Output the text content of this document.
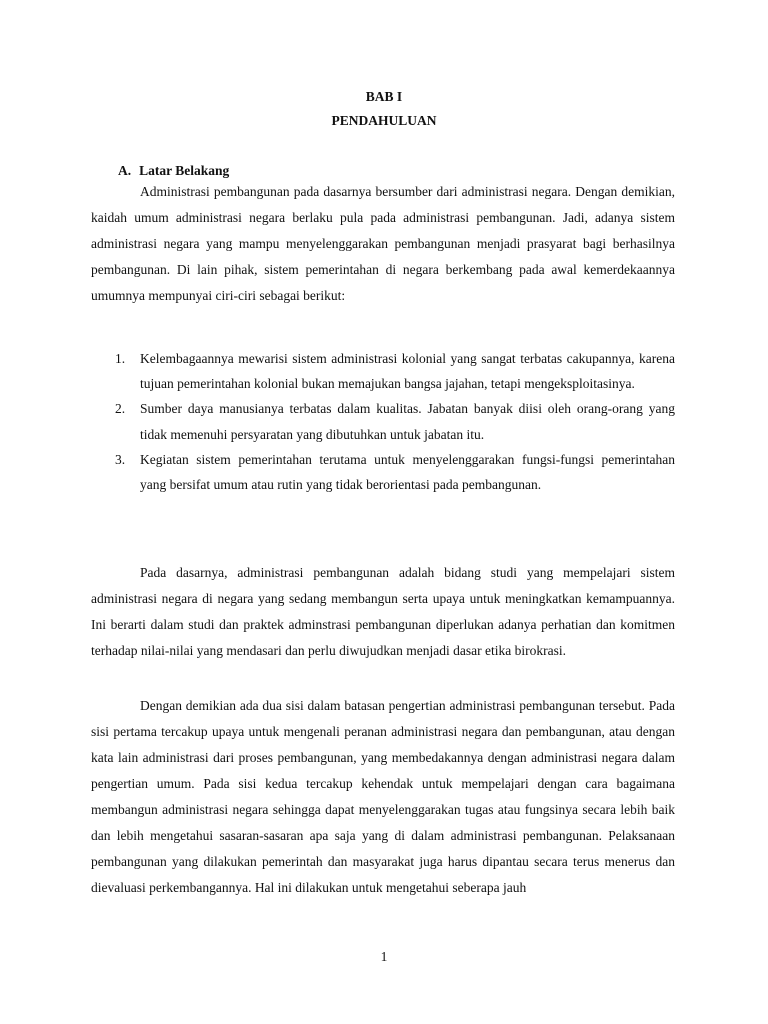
BAB I
PENDAHULUAN
A. Latar Belakang

Administrasi pembangunan pada dasarnya bersumber dari administrasi negara. Dengan demikian, kaidah umum administrasi negara berlaku pula pada administrasi pembangunan. Jadi, adanya sistem administrasi negara yang mampu menyelenggarakan pembangunan menjadi prasyarat bagi berhasilnya pembangunan. Di lain pihak, sistem pemerintahan di negara berkembang pada awal kemerdekaannya umumnya mempunyai ciri-ciri sebagai berikut:

1. Kelembagaannya mewarisi sistem administrasi kolonial yang sangat terbatas cakupannya, karena tujuan pemerintahan kolonial bukan memajukan bangsa jajahan, tetapi mengeksploitasinya.
2. Sumber daya manusianya terbatas dalam kualitas. Jabatan banyak diisi oleh orang-orang yang tidak memenuhi persyaratan yang dibutuhkan untuk jabatan itu.
3. Kegiatan sistem pemerintahan terutama untuk menyelenggarakan fungsi-fungsi pemerintahan yang bersifat umum atau rutin yang tidak berorientasi pada pembangunan.

Pada dasarnya, administrasi pembangunan adalah bidang studi yang mempelajari sistem administrasi negara di negara yang sedang membangun serta upaya untuk meningkatkan kemampuannya. Ini berarti dalam studi dan praktek adminstrasi pembangunan diperlukan adanya perhatian dan komitmen terhadap nilai-nilai yang mendasari dan perlu diwujudkan menjadi dasar etika birokrasi.

Dengan demikian ada dua sisi dalam batasan pengertian administrasi pembangunan tersebut. Pada sisi pertama tercakup upaya untuk mengenali peranan administrasi negara dan pembangunan, atau dengan kata lain administrasi dari proses pembangunan, yang membedakannya dengan administrasi negara dalam pengertian umum. Pada sisi kedua tercakup kehendak untuk mempelajari dengan cara bagaimana membangun administrasi negara sehingga dapat menyelenggarakan tugas atau fungsinya secara lebih baik dan lebih mengetahui sasaran-sasaran apa saja yang di dalam administrasi pembangunan. Pelaksanaan pembangunan yang dilakukan pemerintah dan masyarakat juga harus dipantau secara terus menerus dan dievaluasi perkembangannya. Hal ini dilakukan untuk mengetahui seberapa jauh

1
